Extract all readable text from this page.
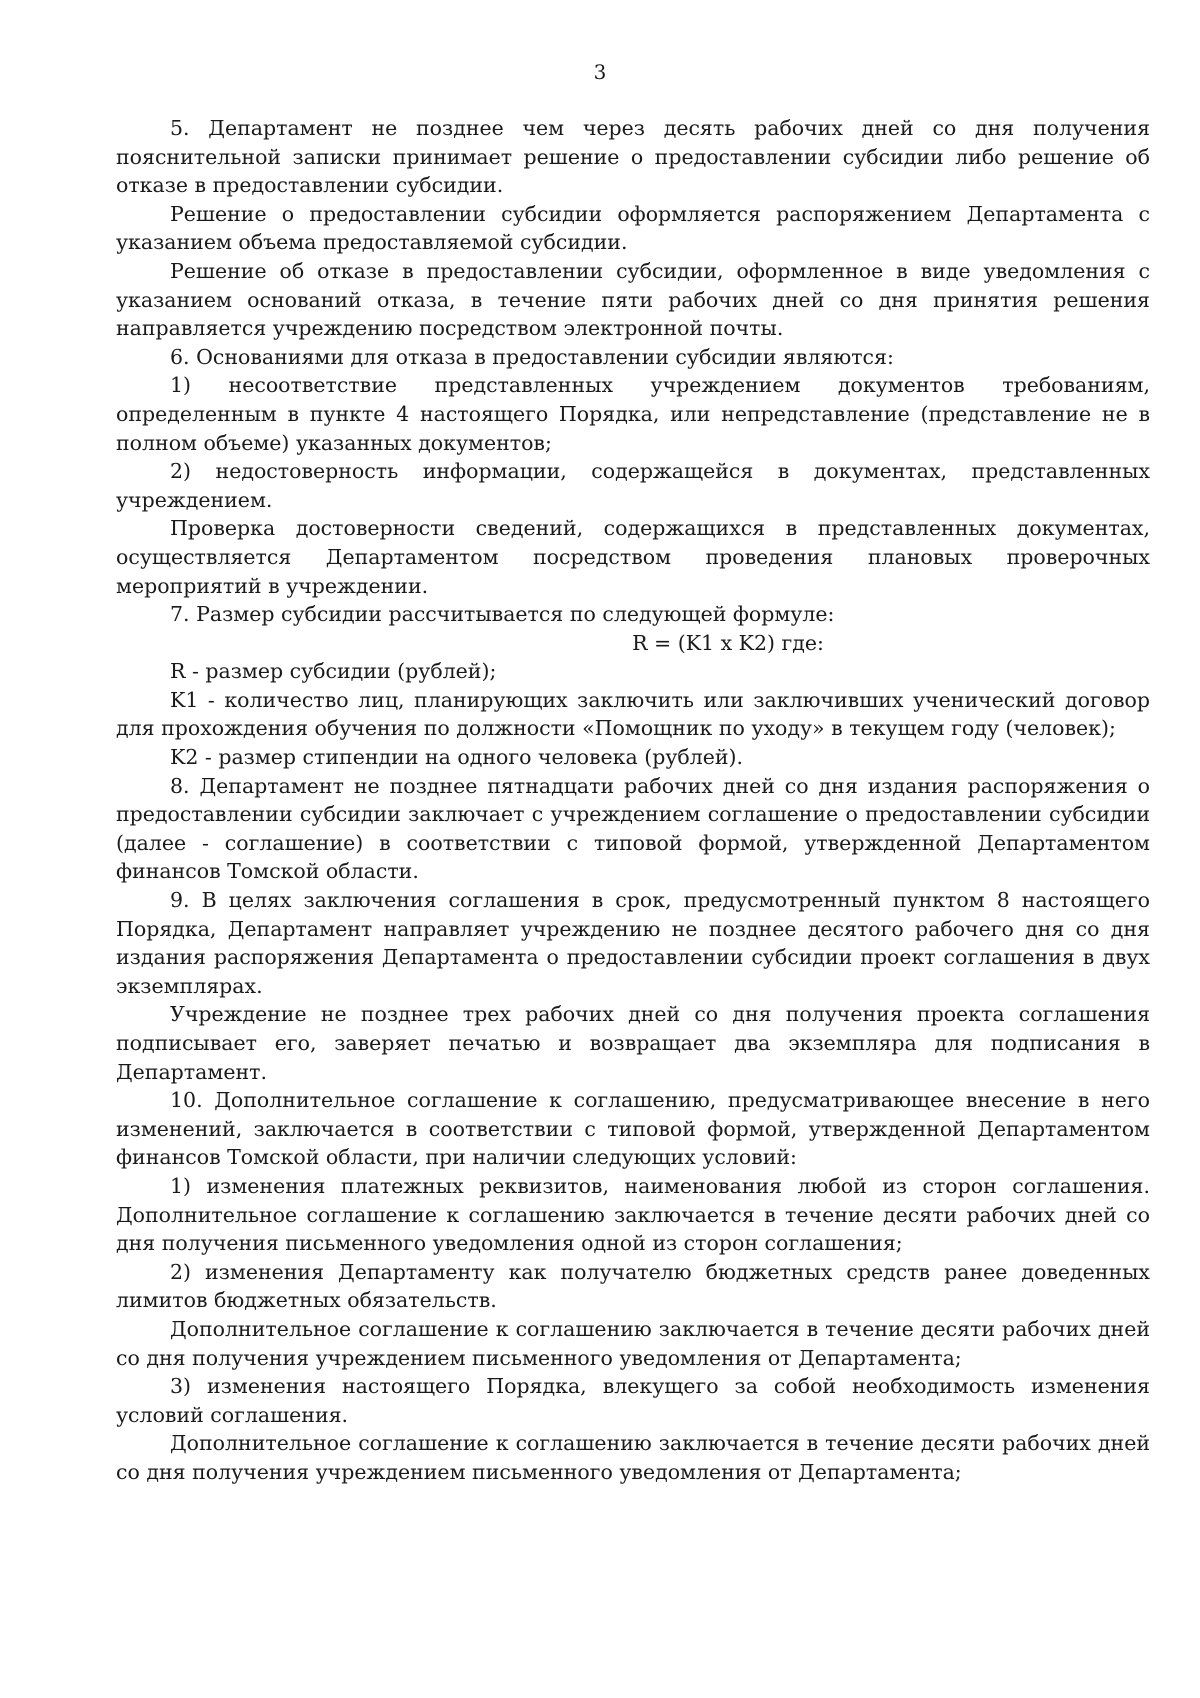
3

5. Департамент не позднее чем через десять рабочих дней со дня получения пояснительной записки принимает решение о предоставлении субсидии либо решение об отказе в предоставлении субсидии.

Решение о предоставлении субсидии оформляется распоряжением Департамента с указанием объема предоставляемой субсидии.

Решение об отказе в предоставлении субсидии, оформленное в виде уведомления с указанием оснований отказа, в течение пяти рабочих дней со дня принятия решения направляется учреждению посредством электронной почты.

6. Основаниями для отказа в предоставлении субсидии являются:

1) несоответствие представленных учреждением документов требованиям, определенным в пункте 4 настоящего Порядка, или непредставление (представление не в полном объеме) указанных документов;

2) недостоверность информации, содержащейся в документах, представленных учреждением.

Проверка достоверности сведений, содержащихся в представленных документах, осуществляется Департаментом посредством проведения плановых проверочных мероприятий в учреждении.

7. Размер субсидии рассчитывается по следующей формуле:

R = (K1 x K2) где:

R - размер субсидии (рублей);

K1 - количество лиц, планирующих заключить или заключивших ученический договор для прохождения обучения по должности «Помощник по уходу» в текущем году (человек);

K2 - размер стипендии на одного человека (рублей).

8. Департамент не позднее пятнадцати рабочих дней со дня издания распоряжения о предоставлении субсидии заключает с учреждением соглашение о предоставлении субсидии (далее - соглашение) в соответствии с типовой формой, утвержденной Департаментом финансов Томской области.

9. В целях заключения соглашения в срок, предусмотренный пунктом 8 настоящего Порядка, Департамент направляет учреждению не позднее десятого рабочего дня со дня издания распоряжения Департамента о предоставлении субсидии проект соглашения в двух экземплярах.

Учреждение не позднее трех рабочих дней со дня получения проекта соглашения подписывает его, заверяет печатью и возвращает два экземпляра для подписания в Департамент.

10. Дополнительное соглашение к соглашению, предусматривающее внесение в него изменений, заключается в соответствии с типовой формой, утвержденной Департаментом финансов Томской области, при наличии следующих условий:

1) изменения платежных реквизитов, наименования любой из сторон соглашения. Дополнительное соглашение к соглашению заключается в течение десяти рабочих дней со дня получения письменного уведомления одной из сторон соглашения;

2) изменения Департаменту как получателю бюджетных средств ранее доведенных лимитов бюджетных обязательств.

Дополнительное соглашение к соглашению заключается в течение десяти рабочих дней со дня получения учреждением письменного уведомления от Департамента;

3) изменения настоящего Порядка, влекущего за собой необходимость изменения условий соглашения.

Дополнительное соглашение к соглашению заключается в течение десяти рабочих дней со дня получения учреждением письменного уведомления от Департамента;
